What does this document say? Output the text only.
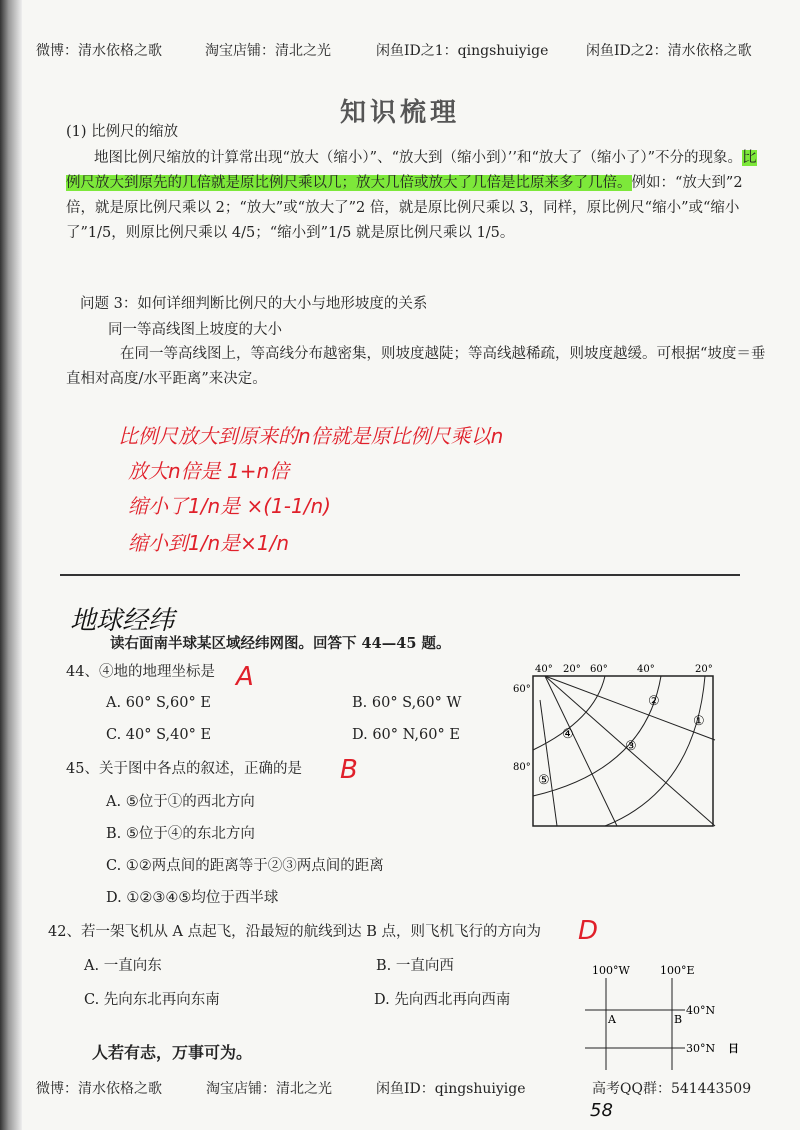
微博：清水依格之歌	淘宝店铺：清北之光	闲鱼ID之1：qingshuiyige	闲鱼ID之2：清水依格之歌
知识梳理
(1) 比例尺的缩放
地图比例尺缩放的计算常出现“放大（缩小）”、“放大到（缩小到）’’和“放大了（缩小了）”不分的现象。比例尺放大到原先的几倍就是原比例尺乘以几；放大几倍或放大了几倍是比原来多了几倍。例如：“放大到”2 倍，就是原比例尺乘以 2；“放大”或“放大了”2 倍，就是原比例尺乘以 3，同样，原比例尺“缩小”或“缩小了”1/5，则原比例尺乘以 4/5；“缩小到”1/5 就是原比例尺乘以 1/5。
问题 3：如何详细判断比例尺的大小与地形坡度的关系
同一等高线图上坡度的大小
在同一等高线图上，等高线分布越密集，则坡度越陡；等高线越稀疏，则坡度越缓。可根据“坡度＝垂直相对高度/水平距离”来决定。
比例尺放大到原来的n倍就是原比例尺乘以n
放大n倍是 1+n倍
缩小了1/n是 ×(1-1/n)
缩小到1/n是×1/n
地球经纬
读右面南半球某区域经纬网图。回答下 44—45 题。
44、④地的地理坐标是 A
A. 60° S,60° E	B. 60° S,60° W
C. 40° S,40° E	D. 60° N,60° E
45、关于图中各点的叙述，正确的是 B
A. ⑤位于①的西北方向
B. ⑤位于④的东北方向
C. ①②两点间的距离等于②③两点间的距离
D. ①②③④⑤均位于西半球
40° 20° 60°	40°	20°
60°
80°
①
②
③
④
⑤
42、若一架飞机从 A 点起飞，沿最短的航线到达 B 点，则飞机飞行的方向为 D
A. 一直向东	B. 一直向西
C. 先向东北再向东南	D. 先向西北再向西南
100°W	100°E
40°N
30°N
A	B
日
人若有志，万事可为。
微博：清水依格之歌	淘宝店铺：清北之光	闲鱼ID：qingshuiyige	高考QQ群：541443509
58
